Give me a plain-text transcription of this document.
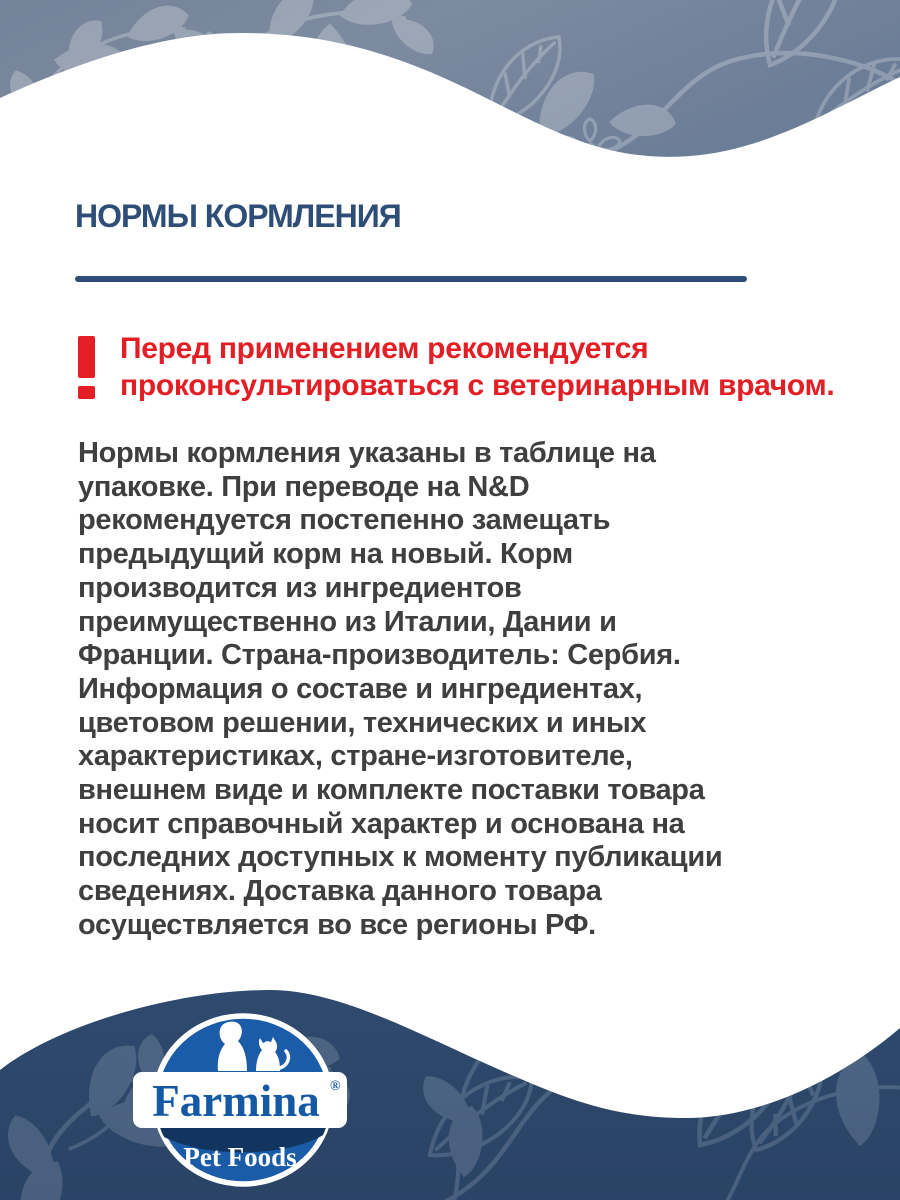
НОРМЫ КОРМЛЕНИЯ
Перед применением рекомендуется
проконсультироваться с ветеринарным врачом.
Нормы кормления указаны в таблице на
упаковке. При переводе на N&D
рекомендуется постепенно замещать
предыдущий корм на новый. Корм
производится из ингредиентов
преимущественно из Италии, Дании и
Франции. Страна-производитель: Сербия.
Информация о составе и ингредиентах,
цветовом решении, технических и иных
характеристиках, стране-изготовителе,
внешнем виде и комплекте поставки товара
носит справочный характер и основана на
последних доступных к моменту публикации
сведениях. Доставка данного товара
осуществляется во все регионы РФ.
Farmina ®
Pet Foods
